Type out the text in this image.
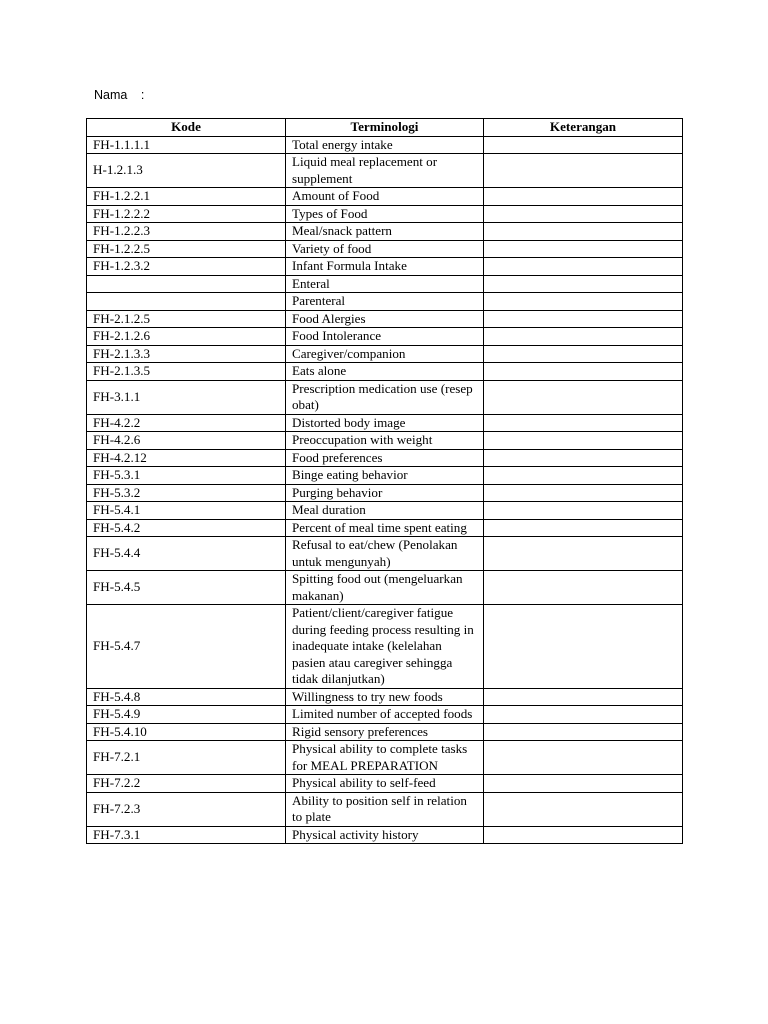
Nama :
Kode	Terminologi	Keterangan
FH-1.1.1.1	Total energy intake	
H-1.2.1.3	Liquid meal replacement or supplement	
FH-1.2.2.1	Amount of Food	
FH-1.2.2.2	Types of Food	
FH-1.2.2.3	Meal/snack pattern	
FH-1.2.2.5	Variety of food	
FH-1.2.3.2	Infant Formula Intake	
	Enteral	
	Parenteral	
FH-2.1.2.5	Food Alergies	
FH-2.1.2.6	Food Intolerance	
FH-2.1.3.3	Caregiver/companion	
FH-2.1.3.5	Eats alone	
FH-3.1.1	Prescription medication use (resep obat)	
FH-4.2.2	Distorted body image	
FH-4.2.6	Preoccupation with weight	
FH-4.2.12	Food preferences	
FH-5.3.1	Binge eating behavior	
FH-5.3.2	Purging behavior	
FH-5.4.1	Meal duration	
FH-5.4.2	Percent of meal time spent eating	
FH-5.4.4	Refusal to eat/chew (Penolakan untuk mengunyah)	
FH-5.4.5	Spitting food out (mengeluarkan makanan)	
FH-5.4.7	Patient/client/caregiver fatigue during feeding process resulting in inadequate intake (kelelahan pasien atau caregiver sehingga tidak dilanjutkan)	
FH-5.4.8	Willingness to try new foods	
FH-5.4.9	Limited number of accepted foods	
FH-5.4.10	Rigid sensory preferences	
FH-7.2.1	Physical ability to complete tasks for MEAL PREPARATION	
FH-7.2.2	Physical ability to self-feed	
FH-7.2.3	Ability to position self in relation to plate	
FH-7.3.1	Physical activity history	
